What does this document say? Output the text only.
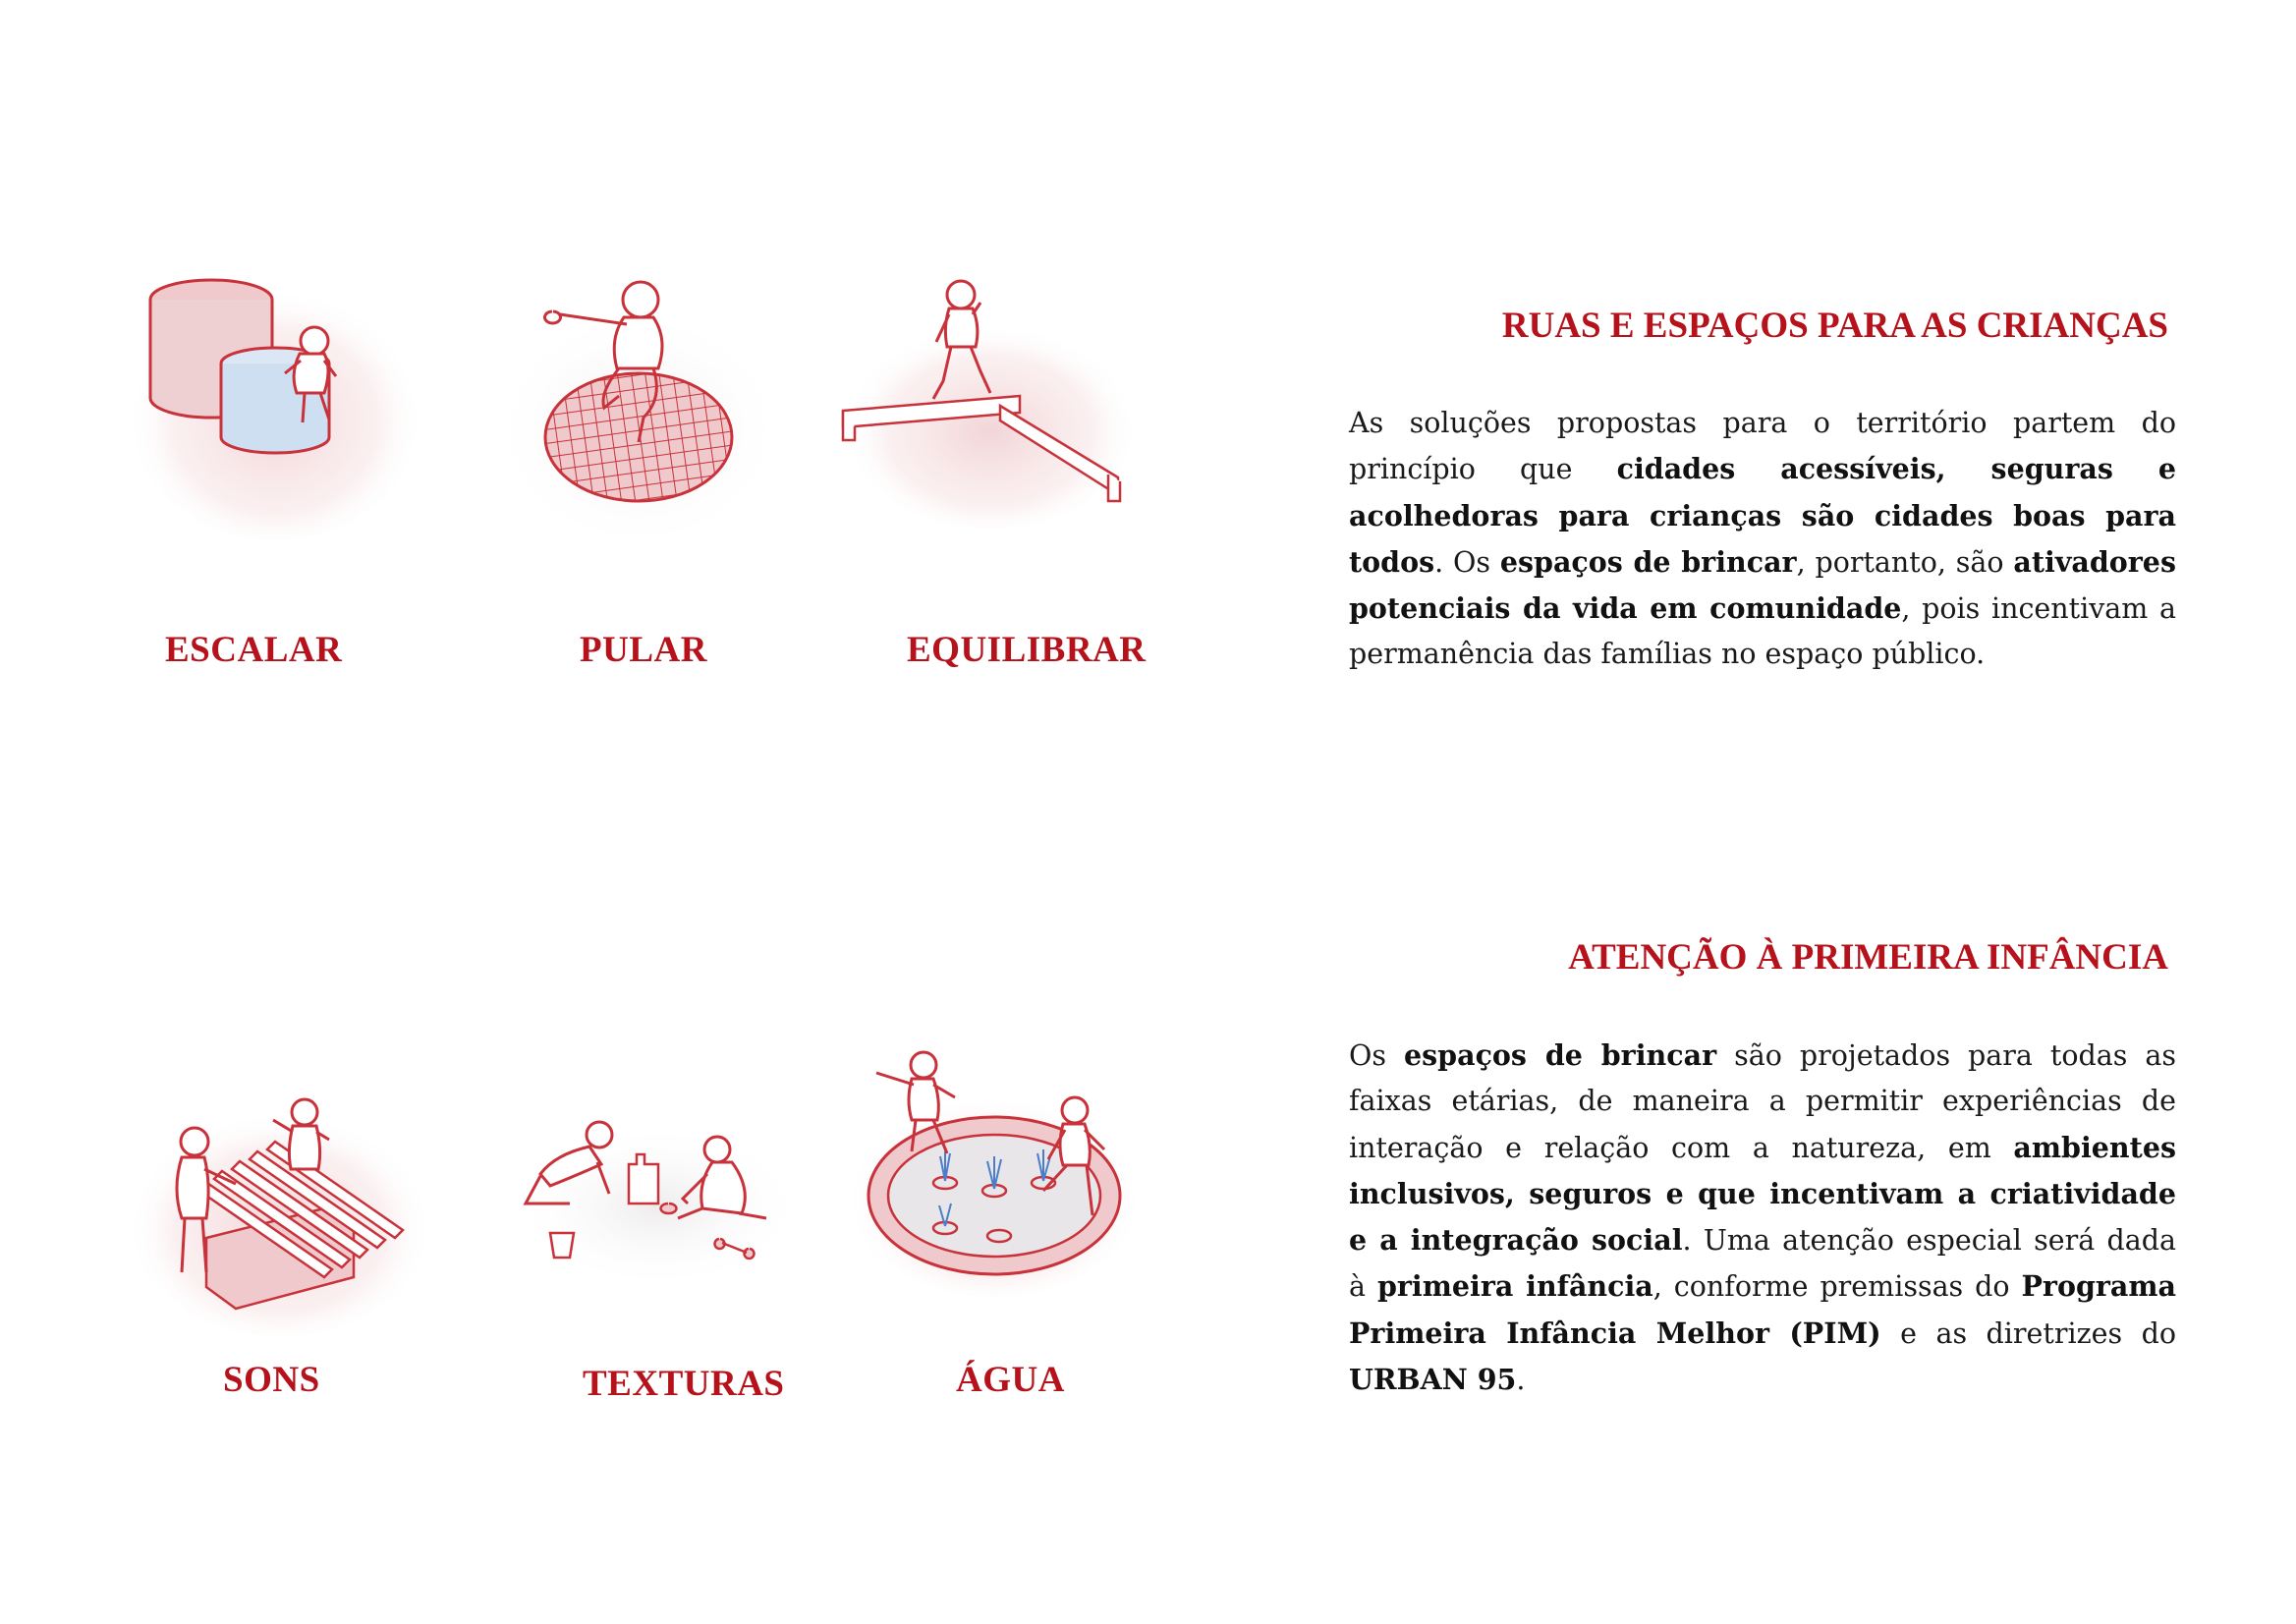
ESCALAR	PULAR	EQUILIBRAR
SONS	TEXTURAS	ÁGUA
RUAS E ESPAÇOS PARA AS CRIANÇAS

As soluções propostas para o território partem do princípio que cidades acessíveis, seguras e acolhedoras para crianças são cidades boas para todos. Os espaços de brincar, portanto, são ativadores potenciais da vida em comunidade, pois incentivam a permanência das famílias no espaço público.

ATENÇÃO À PRIMEIRA INFÂNCIA

Os espaços de brincar são projetados para todas as faixas etárias, de maneira a permitir experiências de interação e relação com a natureza, em ambientes inclusivos, seguros e que incentivam a criatividade e a integração social. Uma atenção especial será dada à primeira infância, conforme premissas do Programa Primeira Infância Melhor (PIM) e as diretrizes do URBAN 95.
